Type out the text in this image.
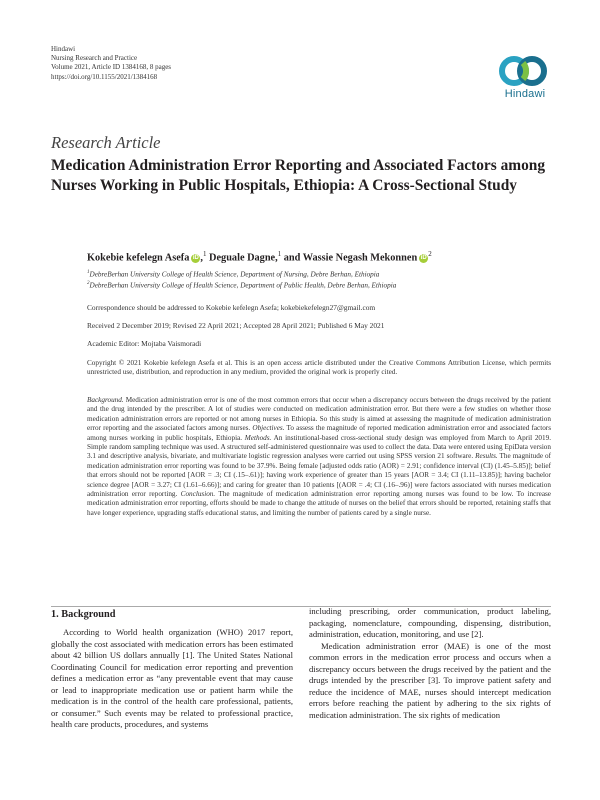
Hindawi
Nursing Research and Practice
Volume 2021, Article ID 1384168, 8 pages
https://doi.org/10.1155/2021/1384168
Hindawi
Research Article
Medication Administration Error Reporting and Associated Factors among Nurses Working in Public Hospitals, Ethiopia: A Cross-Sectional Study
Kokebie kefelegn Asefa iD ,$^1$ Deguale Dagne,$^1$ and Wassie Negash Mekonnen $iD^2$
$^1$DebreBerhan University College of Health Science, Department of Nursing, Debre Berhan, Ethiopia
$^2$DebreBerhan University College of Health Science, Department of Public Health, Debre Berhan, Ethiopia
Correspondence should be addressed to Kokebie kefelegn Asefa; kokebiekefelegn27@gmail.com
Received 2 December 2019; Revised 22 April 2021; Accepted 28 April 2021; Published 6 May 2021
Academic Editor: Mojtaba Vaismoradi
Copyright © 2021 Kokebie kefelegn Asefa et al. This is an open access article distributed under the Creative Commons Attribution License, which permits unrestricted use, distribution, and reproduction in any medium, provided the original work is properly cited.
Background. Medication administration error is one of the most common errors that occur when a discrepancy occurs between the drugs received by the patient and the drug intended by the prescriber. A lot of studies were conducted on medication administration error. But there were a few studies on whether those medication administration errors are reported or not among nurses in Ethiopia. So this study is aimed at assessing the magnitude of medication administration error reporting and the associated factors among nurses. Objectives. To assess the magnitude of reported medication administration error and associated factors among nurses working in public hospitals, Ethiopia. Methods. An institutional-based cross-sectional study design was employed from March to April 2019. Simple random sampling technique was used. A structured self-administered questionnaire was used to collect the data. Data were entered using EpiData version 3.1 and descriptive analysis, bivariate, and multivariate logistic regression analyses were carried out using SPSS version 21 software. Results. The magnitude of medication administration error reporting was found to be 37.9%. Being female [adjusted odds ratio (AOR) = 2.91; confidence interval (CI) (1.45–5.85)]; belief that errors should not be reported [AOR = .3; CI (.15–.61)]; having work experience of greater than 15 years [AOR = 3.4; CI (1.11–13.85)]; having bachelor science degree [AOR = 3.27; CI (1.61–6.66)]; and caring for greater than 10 patients [(AOR = .4; CI (.16–.96)] were factors associated with nurses medication administration error reporting. Conclusion. The magnitude of medication administration error reporting among nurses was found to be low. To increase medication administration error reporting, efforts should be made to change the attitude of nurses on the belief that errors should be reported, retaining staffs that have longer experience, upgrading staffs educational status, and limiting the number of patients cared by a single nurse.
1. Background

According to World health organization (WHO) 2017 report, globally the cost associated with medication errors has been estimated about 42 billion US dollars annually [1]. The United States National Coordinating Council for medication error reporting and prevention defines a medication error as “any preventable event that may cause or lead to inappropriate medication use or patient harm while the medication is in the control of the health care professional, patients, or consumer.” Such events may be related to professional practice, health care products, procedures, and systems

including prescribing, order communication, product labeling, packaging, nomenclature, compounding, dispensing, distribution, administration, education, monitoring, and use [2].

Medication administration error (MAE) is one of the most common errors in the medication error process and occurs when a discrepancy occurs between the drugs received by the patient and the drugs intended by the prescriber [3]. To improve patient safety and reduce the incidence of MAE, nurses should intercept medication errors before reaching the patient by adhering to the six rights of medication administration. The six rights of medication
